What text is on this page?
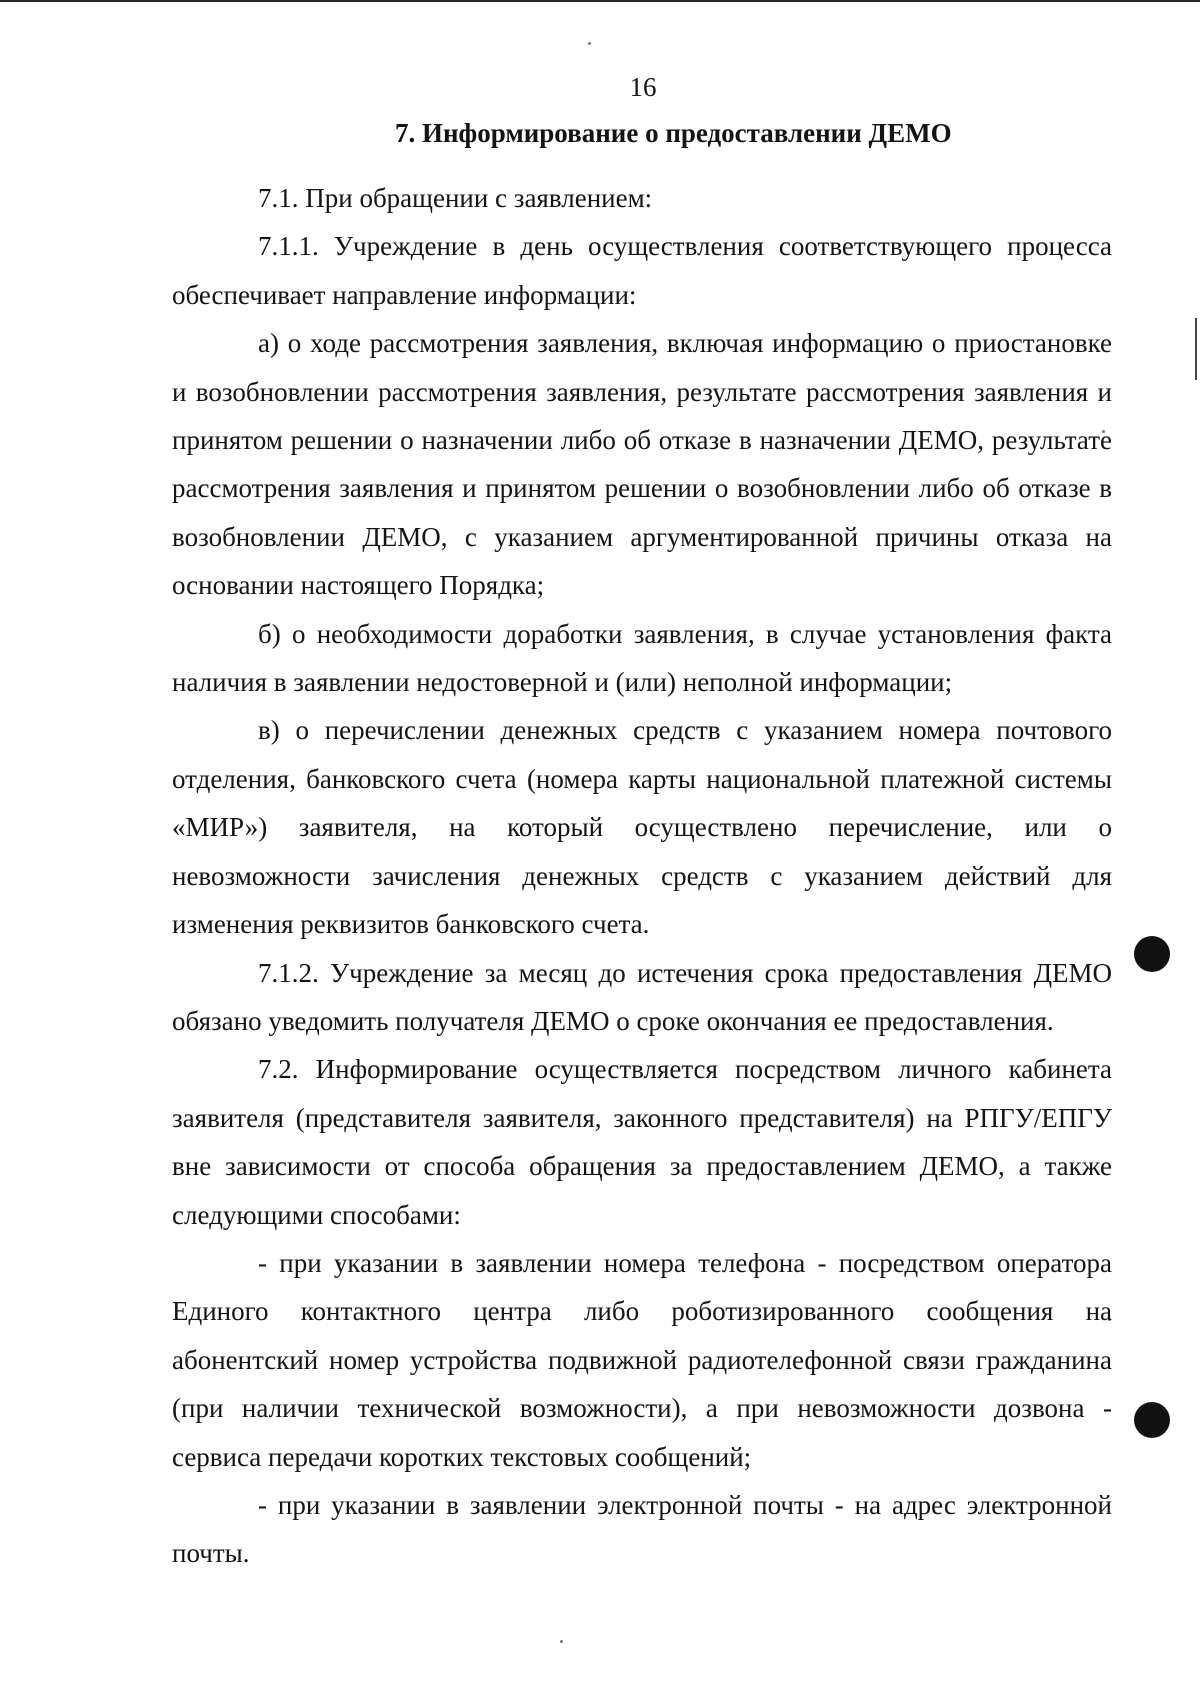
16
7. Информирование о предоставлении ДЕМО

7.1. При обращении с заявлением:

7.1.1. Учреждение в день осуществления соответствующего процесса обеспечивает направление информации:

а) о ходе рассмотрения заявления, включая информацию о приостановке и возобновлении рассмотрения заявления, результате рассмотрения заявления и принятом решении о назначении либо об отказе в назначении ДЕМО, результате рассмотрения заявления и принятом решении о возобновлении либо об отказе в возобновлении ДЕМО, с указанием аргументированной причины отказа на основании настоящего Порядка;

б) о необходимости доработки заявления, в случае установления факта наличия в заявлении недостоверной и (или) неполной информации;

в) о перечислении денежных средств с указанием номера почтового отделения, банковского счета (номера карты национальной платежной системы «МИР») заявителя, на который осуществлено перечисление, или о невозможности зачисления денежных средств с указанием действий для изменения реквизитов банковского счета.

7.1.2. Учреждение за месяц до истечения срока предоставления ДЕМО обязано уведомить получателя ДЕМО о сроке окончания ее предоставления.

7.2. Информирование осуществляется посредством личного кабинета заявителя (представителя заявителя, законного представителя) на РПГУ/ЕПГУ вне зависимости от способа обращения за предоставлением ДЕМО, а также следующими способами:

- при указании в заявлении номера телефона - посредством оператора Единого контактного центра либо роботизированного сообщения на абонентский номер устройства подвижной радиотелефонной связи гражданина (при наличии технической возможности), а при невозможности дозвона - сервиса передачи коротких текстовых сообщений;

- при указании в заявлении электронной почты - на адрес электронной почты.
